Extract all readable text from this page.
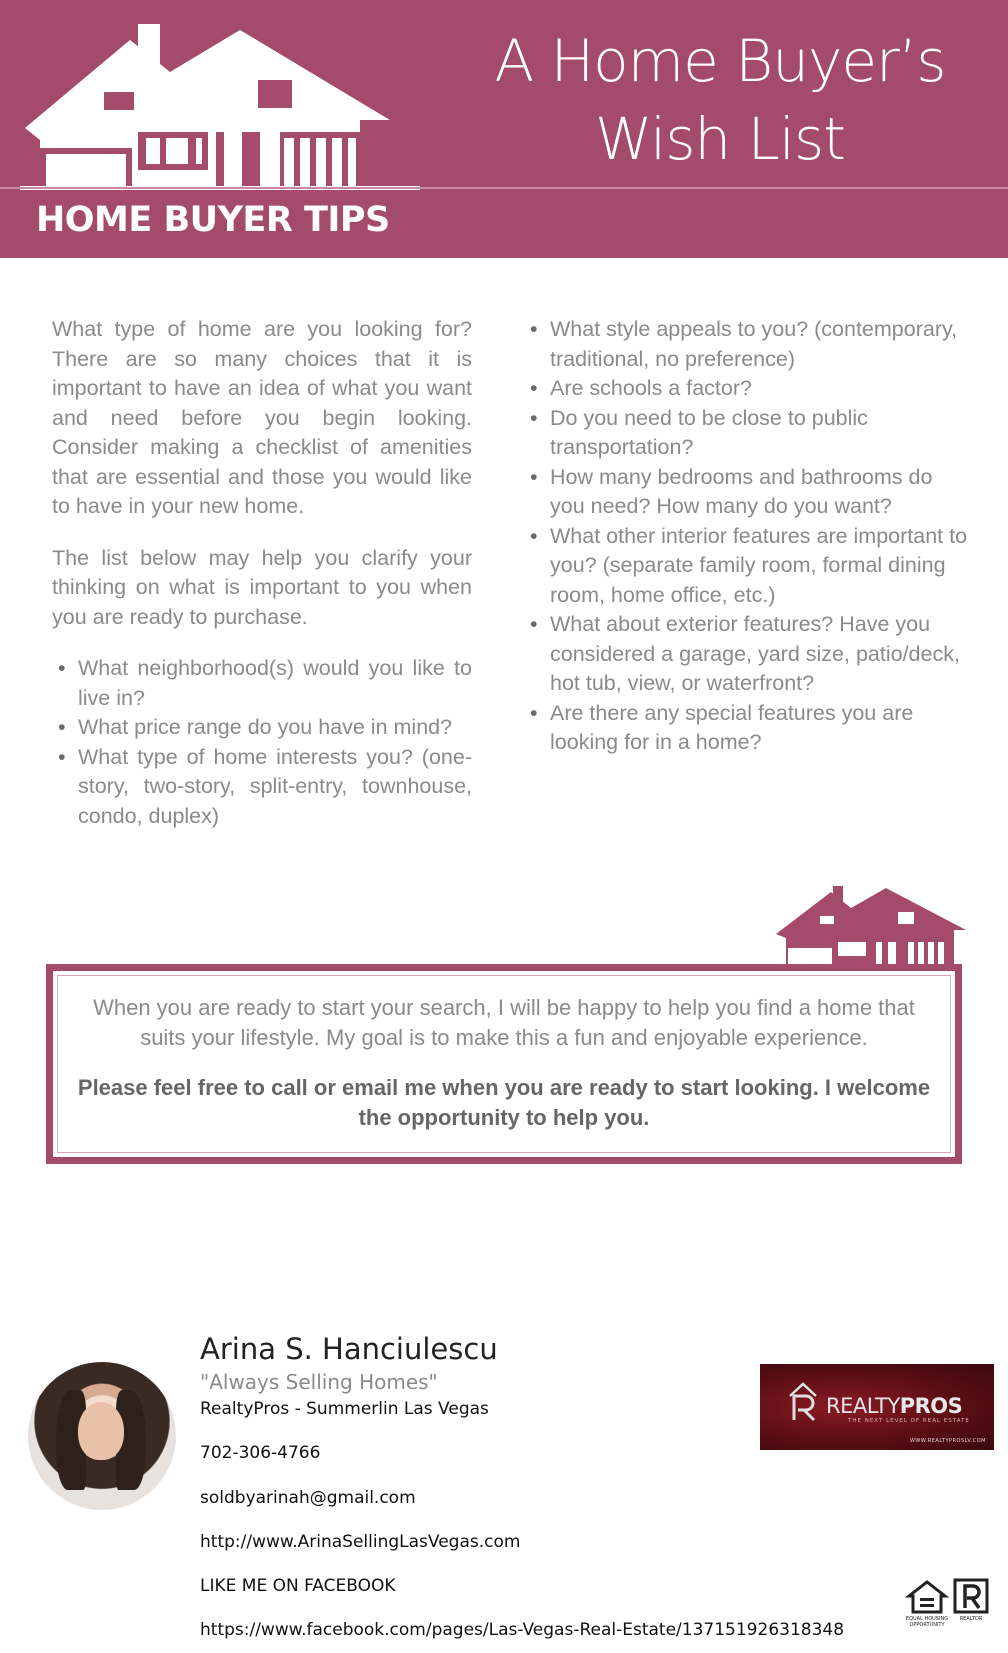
A Home Buyer’s
Wish List
HOME BUYER TIPS

What type of home are you looking for? There are so many choices that it is important to have an idea of what you want and need before you begin looking. Consider making a checklist of amenities that are essential and those you would like to have in your new home.

The list below may help you clarify your thinking on what is important to you when you are ready to purchase.

• What neighborhood(s) would you like to live in?
• What price range do you have in mind?
• What type of home interests you? (one-story, two-story, split-entry, townhouse, condo, duplex)
• What style appeals to you? (contemporary, traditional, no preference)
• Are schools a factor?
• Do you need to be close to public transportation?
• How many bedrooms and bathrooms do you need? How many do you want?
• What other interior features are important to you? (separate family room, formal dining room, home office, etc.)
• What about exterior features? Have you considered a garage, yard size, patio/deck, hot tub, view, or waterfront?
• Are there any special features you are looking for in a home?

When you are ready to start your search, I will be happy to help you find a home that suits your lifestyle. My goal is to make this a fun and enjoyable experience.

Please feel free to call or email me when you are ready to start looking. I welcome the opportunity to help you.

Arina S. Hanciulescu
"Always Selling Homes"
RealtyPros - Summerlin Las Vegas
702-306-4766
soldbyarinah@gmail.com
http://www.ArinaSellingLasVegas.com
LIKE ME ON FACEBOOK
https://www.facebook.com/pages/Las-Vegas-Real-Estate/137151926318348
REALTYPROS
THE NEXT LEVEL OF REAL ESTATE
WWW.REALTYPROSLV.COM
EQUAL HOUSING OPPORTUNITY
REALTOR
